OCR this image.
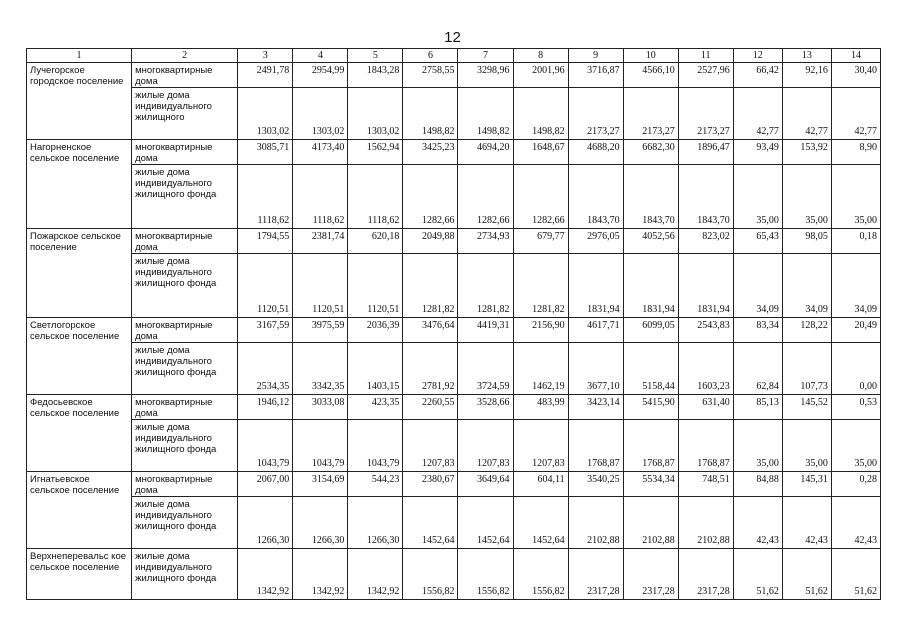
12
1	2	3	4	5	6	7	8	9	10	11	12	13	14
Лучегорское городское поселение	многоквартирные дома	2491,78	2954,99	1843,28	2758,55	3298,96	2001,96	3716,87	4566,10	2527,96	66,42	92,16	30,40
	жилые дома индивидуального жилищного	1303,02	1303,02	1303,02	1498,82	1498,82	1498,82	2173,27	2173,27	2173,27	42,77	42,77	42,77
Нагорненское сельское поселение	многоквартирные дома	3085,71	4173,40	1562,94	3425,23	4694,20	1648,67	4688,20	6682,30	1896,47	93,49	153,92	8,90
	жилые дома индивидуального жилищного фонда	1118,62	1118,62	1118,62	1282,66	1282,66	1282,66	1843,70	1843,70	1843,70	35,00	35,00	35,00
Пожарское сельское поселение	многоквартирные дома	1794,55	2381,74	620,18	2049,88	2734,93	679,77	2976,05	4052,56	823,02	65,43	98,05	0,18
	жилые дома индивидуального жилищного фонда	1120,51	1120,51	1120,51	1281,82	1281,82	1281,82	1831,94	1831,94	1831,94	34,09	34,09	34,09
Светлогорское сельское поселение	многоквартирные дома	3167,59	3975,59	2036,39	3476,64	4419,31	2156,90	4617,71	6099,05	2543,83	83,34	128,22	20,49
	жилые дома индивидуального жилищного фонда	2534,35	3342,35	1403,15	2781,92	3724,59	1462,19	3677,10	5158,44	1603,23	62,84	107,73	0,00
Федосьевское сельское поселение	многоквартирные дома	1946,12	3033,08	423,35	2260,55	3528,66	483,99	3423,14	5415,90	631,40	85,13	145,52	0,53
	жилые дома индивидуального жилищного фонда	1043,79	1043,79	1043,79	1207,83	1207,83	1207,83	1768,87	1768,87	1768,87	35,00	35,00	35,00
Игнатьевское сельское поселение	многоквартирные дома	2067,00	3154,69	544,23	2380,67	3649,64	604,11	3540,25	5534,34	748,51	84,88	145,31	0,28
	жилые дома индивидуального жилищного фонда	1266,30	1266,30	1266,30	1452,64	1452,64	1452,64	2102,88	2102,88	2102,88	42,43	42,43	42,43
Верхнеперевальс кое сельское поселение	жилые дома индивидуального жилищного фонда	1342,92	1342,92	1342,92	1556,82	1556,82	1556,82	2317,28	2317,28	2317,28	51,62	51,62	51,62
